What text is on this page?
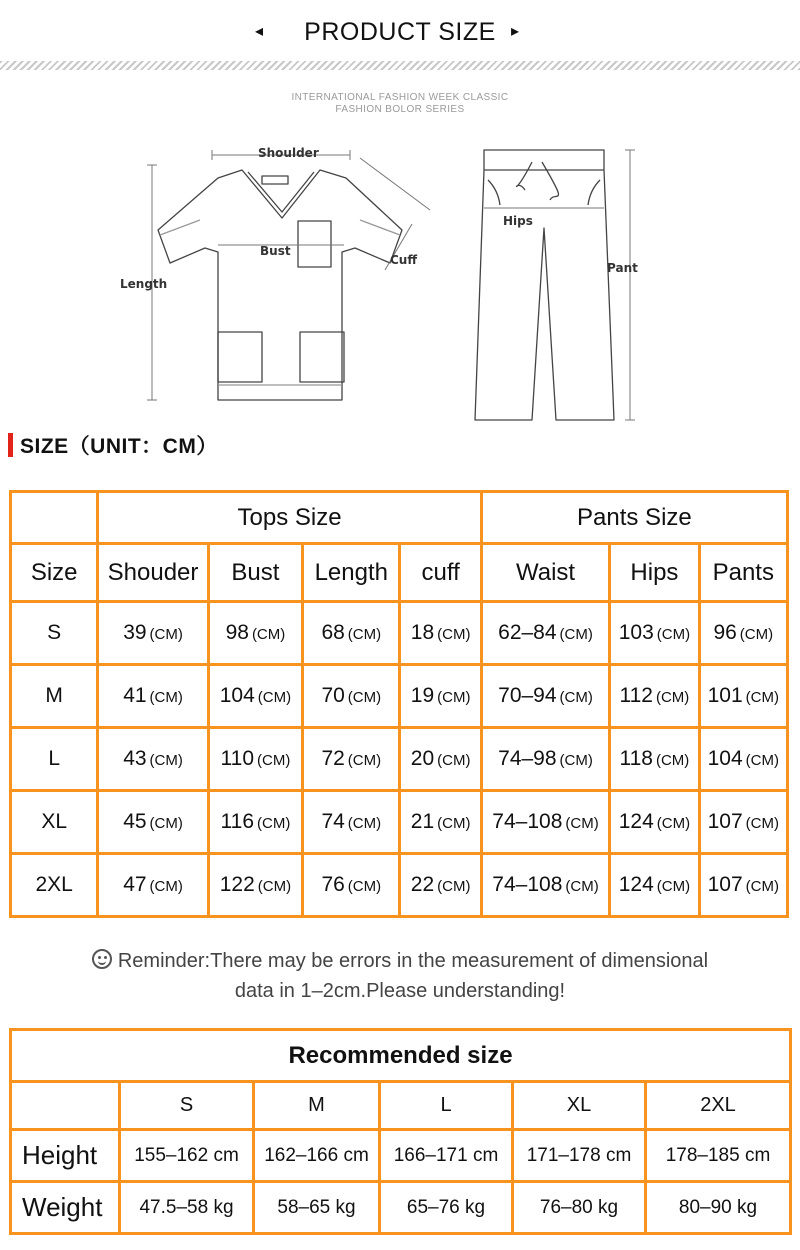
◂	PRODUCT SIZE ▸
INTERNATIONAL FASHION WEEK CLASSIC
FASHION BOLOR SERIES
Shoulder
Bust
Cuff
Length
Hips
Pant
SIZE（UNIT：CM）
	Tops Size				Pants Size		
Size	Shouder	Bust	Length	cuff	Waist	Hips	Pants
S	39 (CM)	98 (CM)	68 (CM)	18 (CM)	62–84 (CM)	103 (CM)	96 (CM)
M	41 (CM)	104 (CM)	70 (CM)	19 (CM)	70–94 (CM)	112 (CM)	101 (CM)
L	43 (CM)	110 (CM)	72 (CM)	20 (CM)	74–98 (CM)	118 (CM)	104 (CM)
XL	45 (CM)	116 (CM)	74 (CM)	21 (CM)	74–108 (CM)	124 (CM)	107 (CM)
2XL	47 (CM)	122 (CM)	76 (CM)	22 (CM)	74–108 (CM)	124 (CM)	107 (CM)
Reminder:There may be errors in the measurement of dimensional
data in 1–2cm.Please understanding!
Recommended size					
	S	M	L	XL	2XL
Height	155–162 cm	162–166 cm	166–171 cm	171–178 cm	178–185 cm
Weight	47.5–58 kg	58–65 kg	65–76 kg	76–80 kg	80–90 kg
